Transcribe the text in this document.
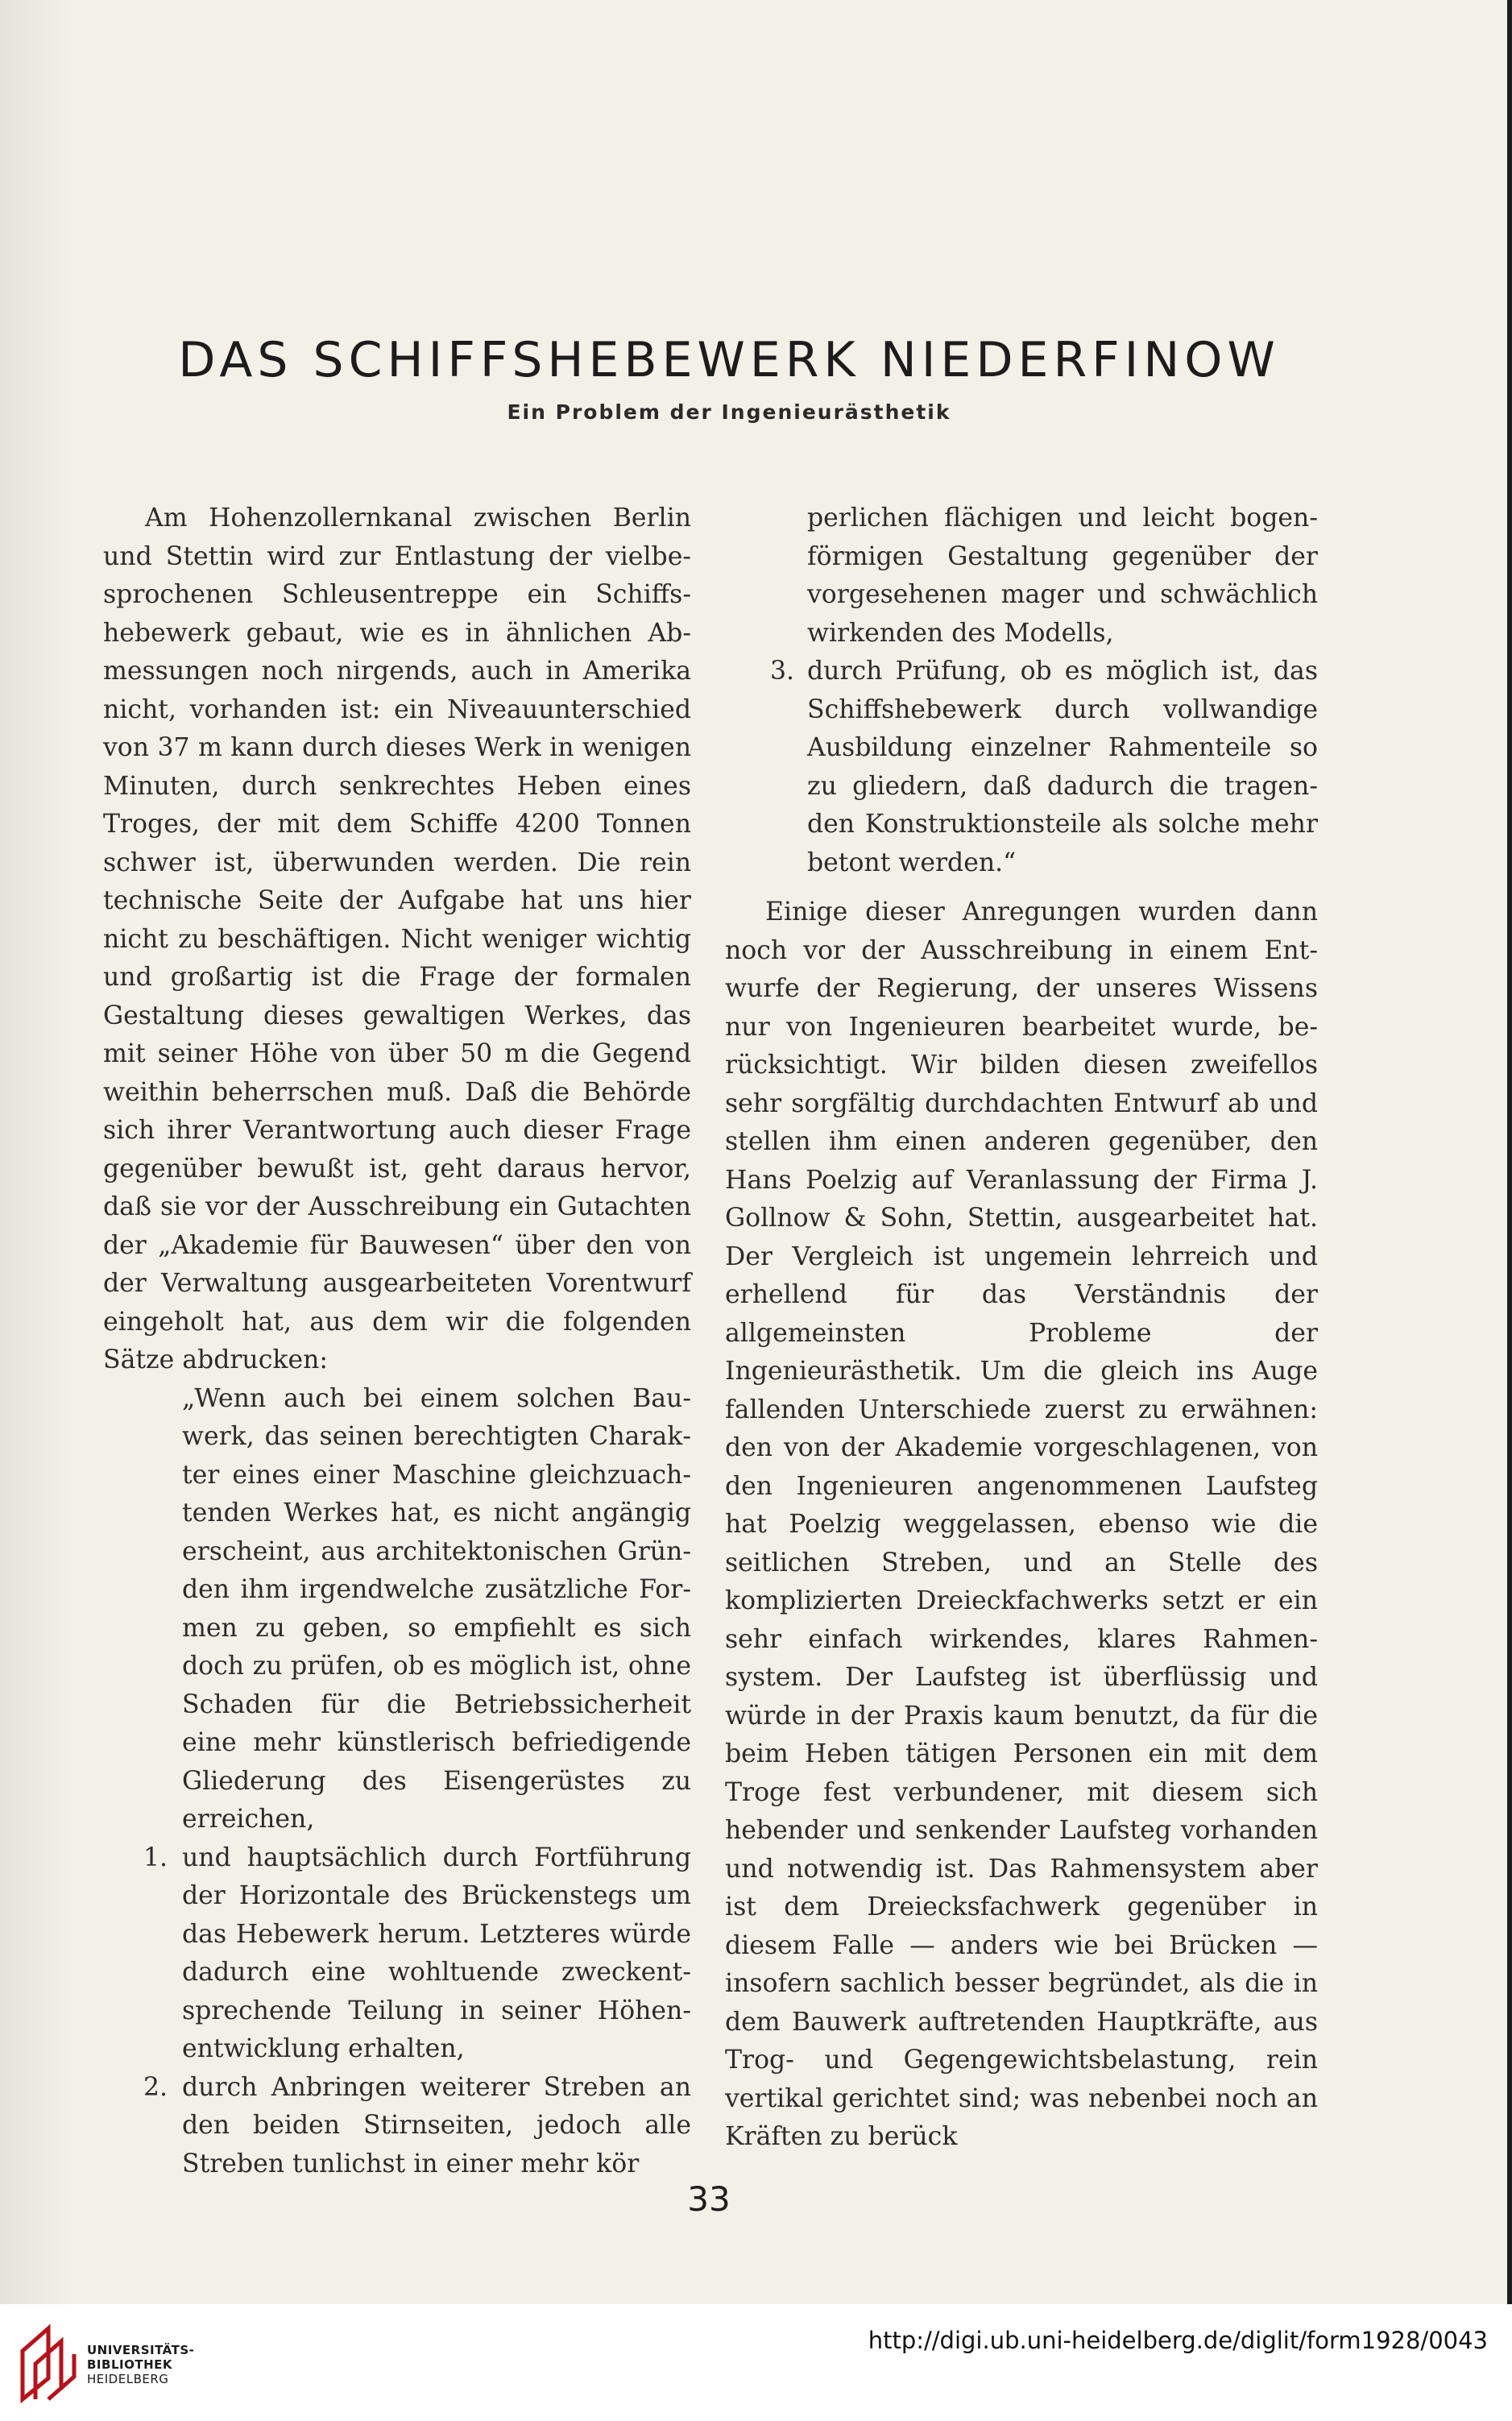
DAS SCHIFFSHEBEWERK NIEDERFINOW
Ein Problem der Ingenieurästhetik

Am Hohenzollernkanal zwischen Berlin und Stettin wird zur Entlastung der vielbesprochenen Schleusentreppe ein Schiffshebewerk gebaut, wie es in ähnlichen Abmessungen noch nirgends, auch in Amerika nicht, vorhanden ist: ein Niveauunterschied von 37 m kann durch dieses Werk in wenigen Minuten, durch senkrechtes Heben eines Troges, der mit dem Schiffe 4200 Tonnen schwer ist, überwunden werden. Die rein technische Seite der Aufgabe hat uns hier nicht zu beschäftigen. Nicht weniger wichtig und großartig ist die Frage der formalen Gestaltung dieses gewaltigen Werkes, das mit seiner Höhe von über 50 m die Gegend weithin beherrschen muß. Daß die Behörde sich ihrer Verantwortung auch dieser Frage gegenüber bewußt ist, geht daraus hervor, daß sie vor der Ausschreibung ein Gutachten der „Akademie für Bauwesen“ über den von der Verwaltung ausgearbeiteten Vorentwurf eingeholt hat, aus dem wir die folgenden Sätze abdrucken:

„Wenn auch bei einem solchen Bauwerk, das seinen berechtigten Charakter eines einer Maschine gleichzuachtenden Werkes hat, es nicht angängig erscheint, aus architektonischen Gründen ihm irgendwelche zusätzliche Formen zu geben, so empfiehlt es sich doch zu prüfen, ob es möglich ist, ohne Schaden für die Betriebssicherheit eine mehr künstlerisch befriedigende Gliederung des Eisengerüstes zu erreichen,

1. und hauptsächlich durch Fortführung der Horizontale des Brückenstegs um das Hebewerk herum. Letzteres würde dadurch eine wohltuende zweckentsprechende Teilung in seiner Höhenentwicklung erhalten,

2. durch Anbringen weiterer Streben an den beiden Stirnseiten, jedoch alle Streben tunlichst in einer mehr kör

perlichen flächigen und leicht bogenförmigen Gestaltung gegenüber der vorgesehenen mager und schwächlich wirkenden des Modells,

3. durch Prüfung, ob es möglich ist, das Schiffshebewerk durch vollwandige Ausbildung einzelner Rahmenteile so zu gliedern, daß dadurch die tragenden Konstruktionsteile als solche mehr betont werden.“

Einige dieser Anregungen wurden dann noch vor der Ausschreibung in einem Entwurfe der Regierung, der unseres Wissens nur von Ingenieuren bearbeitet wurde, berücksichtigt. Wir bilden diesen zweifellos sehr sorgfältig durchdachten Entwurf ab und stellen ihm einen anderen gegenüber, den Hans Poelzig auf Veranlassung der Firma J. Gollnow & Sohn, Stettin, ausgearbeitet hat. Der Vergleich ist ungemein lehrreich und erhellend für das Verständnis der allgemeinsten Probleme der Ingenieurästhetik. Um die gleich ins Auge fallenden Unterschiede zuerst zu erwähnen: den von der Akademie vorgeschlagenen, von den Ingenieuren angenommenen Laufsteg hat Poelzig weggelassen, ebenso wie die seitlichen Streben, und an Stelle des komplizierten Dreieckfachwerks setzt er ein sehr einfach wirkendes, klares Rahmensystem. Der Laufsteg ist überflüssig und würde in der Praxis kaum benutzt, da für die beim Heben tätigen Personen ein mit dem Troge fest verbundener, mit diesem sich hebender und senkender Laufsteg vorhanden und notwendig ist. Das Rahmensystem aber ist dem Dreiecksfachwerk gegenüber in diesem Falle — anders wie bei Brücken — insofern sachlich besser begründet, als die in dem Bauwerk auftretenden Hauptkräfte, aus Trog- und Gegengewichtsbelastung, rein vertikal gerichtet sind; was nebenbei noch an Kräften zu berück

33

UNIVERSITÄTS-
BIBLIOTHEK
HEIDELBERG
http://digi.ub.uni-heidelberg.de/diglit/form1928/0043
